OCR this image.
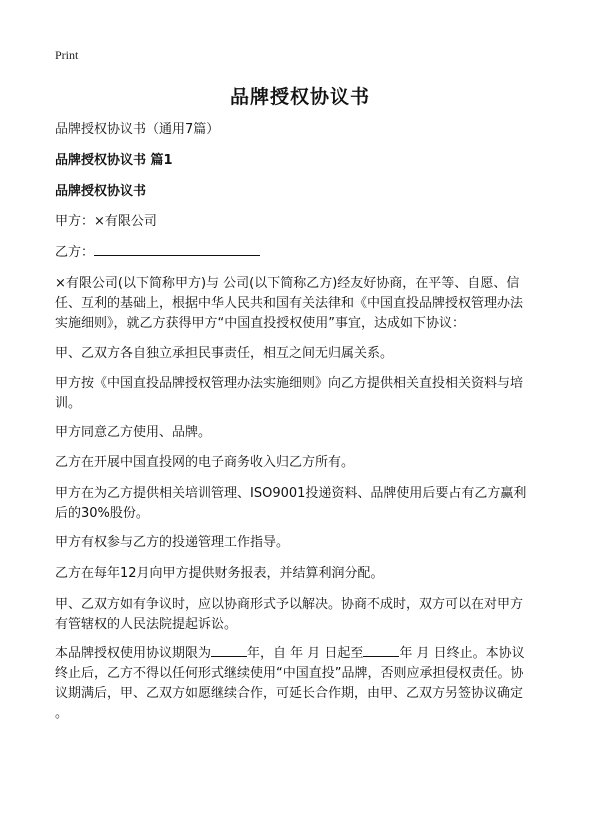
Print
品牌授权协议书
品牌授权协议书（通用7篇）
品牌授权协议书 篇1
品牌授权协议书
甲方：×有限公司
乙方：
×有限公司(以下简称甲方)与 公司(以下简称乙方)经友好协商，在平等、自愿、信
任、互利的基础上，根据中华人民共和国有关法律和《中国直投品牌授权管理办法
实施细则》，就乙方获得甲方“中国直投授权使用”事宜，达成如下协议：
甲、乙双方各自独立承担民事责任，相互之间无归属关系。
甲方按《中国直投品牌授权管理办法实施细则》向乙方提供相关直投相关资料与培
训。
甲方同意乙方使用、品牌。
乙方在开展中国直投网的电子商务收入归乙方所有。
甲方在为乙方提供相关培训管理、ISO9001投递资料、品牌使用后要占有乙方赢利
后的30%股份。
甲方有权参与乙方的投递管理工作指导。
乙方在每年12月向甲方提供财务报表，并结算利润分配。
甲、乙双方如有争议时，应以协商形式予以解决。协商不成时，双方可以在对甲方
有管辖权的人民法院提起诉讼。
本品牌授权使用协议期限为	年，自 年 月 日起至	年 月 日终止。本协议
终止后，乙方不得以任何形式继续使用“中国直投”品牌，否则应承担侵权责任。协
议期满后，甲、乙双方如愿继续合作，可延长合作期，由甲、乙双方另签协议确定
。
